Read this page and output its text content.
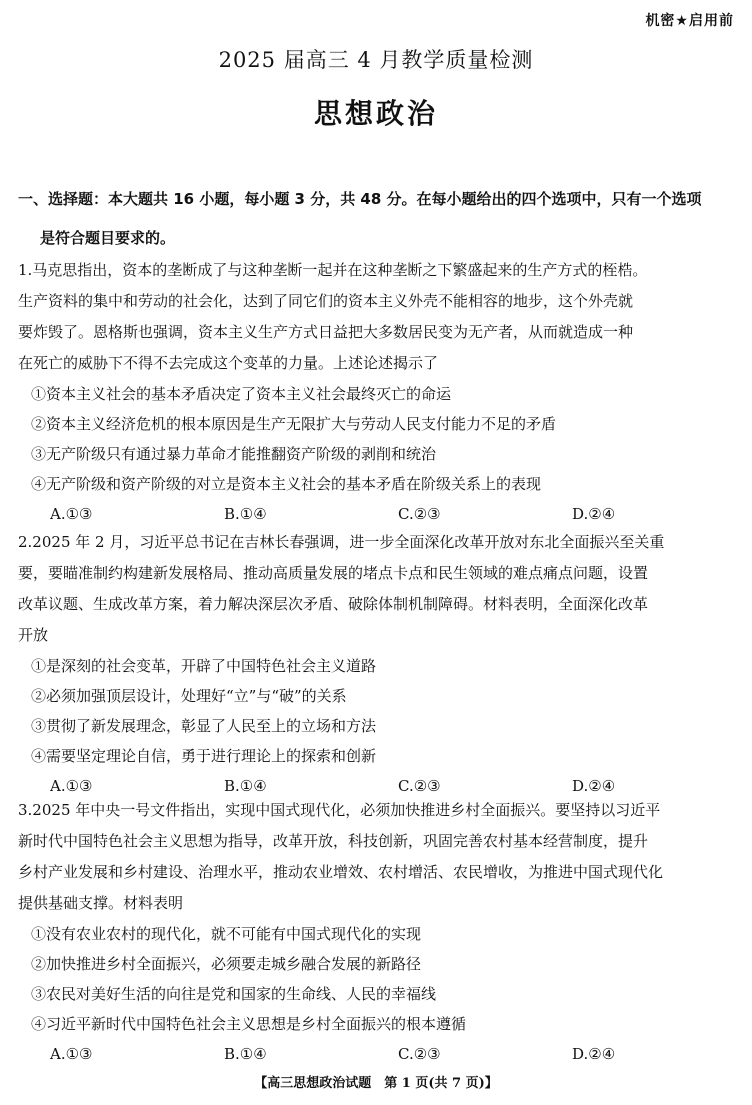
机密★启用前
2025 届高三 4 月教学质量检测
思想政治
一、选择题：本大题共 16 小题，每小题 3 分，共 48 分。在每小题给出的四个选项中，只有一个选项
是符合题目要求的。
1.马克思指出，资本的垄断成了与这种垄断一起并在这种垄断之下繁盛起来的生产方式的桎梏。
生产资料的集中和劳动的社会化，达到了同它们的资本主义外壳不能相容的地步，这个外壳就
要炸毁了。恩格斯也强调，资本主义生产方式日益把大多数居民变为无产者，从而就造成一种
在死亡的威胁下不得不去完成这个变革的力量。上述论述揭示了
①资本主义社会的基本矛盾决定了资本主义社会最终灭亡的命运
②资本主义经济危机的根本原因是生产无限扩大与劳动人民支付能力不足的矛盾
③无产阶级只有通过暴力革命才能推翻资产阶级的剥削和统治
④无产阶级和资产阶级的对立是资本主义社会的基本矛盾在阶级关系上的表现
A.①③	B.①④	C.②③	D.②④
2.2025 年 2 月，习近平总书记在吉林长春强调，进一步全面深化改革开放对东北全面振兴至关重
要，要瞄准制约构建新发展格局、推动高质量发展的堵点卡点和民生领域的难点痛点问题，设置
改革议题、生成改革方案，着力解决深层次矛盾、破除体制机制障碍。材料表明，全面深化改革
开放
①是深刻的社会变革，开辟了中国特色社会主义道路
②必须加强顶层设计，处理好“立”与“破”的关系
③贯彻了新发展理念，彰显了人民至上的立场和方法
④需要坚定理论自信，勇于进行理论上的探索和创新
A.①③	B.①④	C.②③	D.②④
3.2025 年中央一号文件指出，实现中国式现代化，必须加快推进乡村全面振兴。要坚持以习近平
新时代中国特色社会主义思想为指导，改革开放，科技创新，巩固完善农村基本经营制度，提升
乡村产业发展和乡村建设、治理水平，推动农业增效、农村增活、农民增收，为推进中国式现代化
提供基础支撑。材料表明
①没有农业农村的现代化，就不可能有中国式现代化的实现
②加快推进乡村全面振兴，必须要走城乡融合发展的新路径
③农民对美好生活的向往是党和国家的生命线、人民的幸福线
④习近平新时代中国特色社会主义思想是乡村全面振兴的根本遵循
A.①③	B.①④	C.②③	D.②④
【高三思想政治试题　第 1 页(共 7 页)】
